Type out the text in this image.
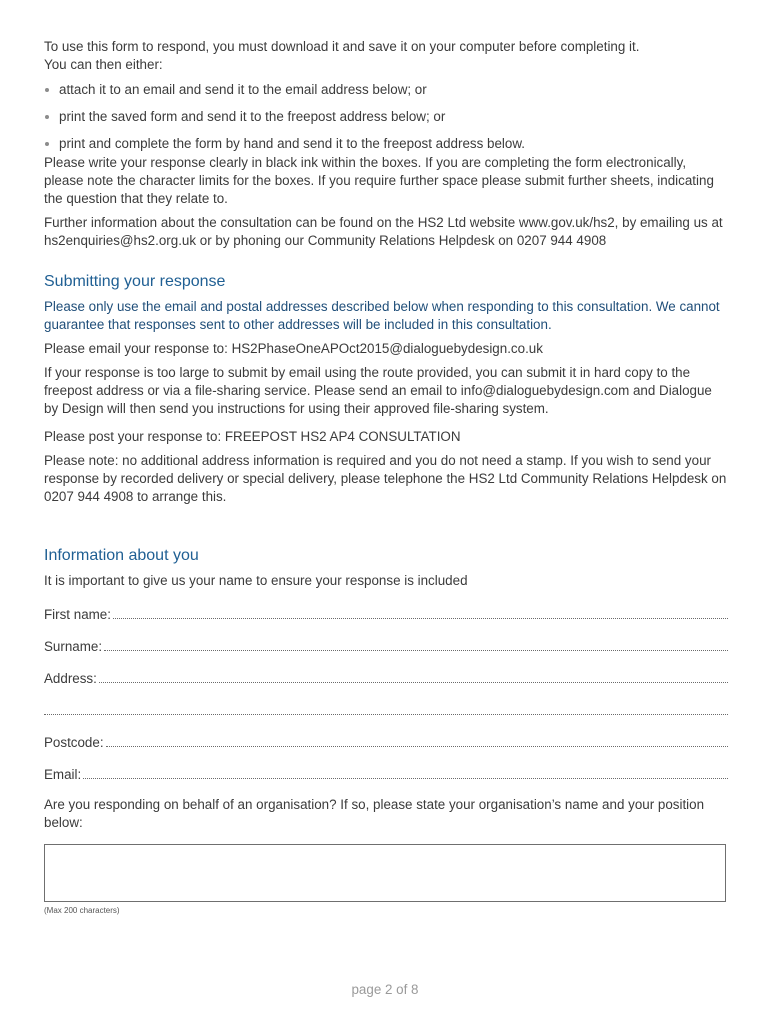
To use this form to respond, you must download it and save it on your computer before completing it.

You can then either:

attach it to an email and send it to the email address below; or
print the saved form and send it to the freepost address below; or
print and complete the form by hand and send it to the freepost address below.

Please write your response clearly in black ink within the boxes. If you are completing the form electronically, please note the character limits for the boxes. If you require further space please submit further sheets, indicating the question that they relate to.

Further information about the consultation can be found on the HS2 Ltd website www.gov.uk/hs2, by emailing us at hs2enquiries@hs2.org.uk or by phoning our Community Relations Helpdesk on 0207 944 4908

Submitting your response

Please only use the email and postal addresses described below when responding to this consultation. We cannot guarantee that responses sent to other addresses will be included in this consultation.

Please email your response to: HS2PhaseOneAPOct2015@dialoguebydesign.co.uk

If your response is too large to submit by email using the route provided, you can submit it in hard copy to the freepost address or via a file-sharing service. Please send an email to info@dialoguebydesign.com and Dialogue by Design will then send you instructions for using their approved file-sharing system.

Please post your response to: FREEPOST HS2 AP4 CONSULTATION

Please note: no additional address information is required and you do not need a stamp. If you wish to send your response by recorded delivery or special delivery, please telephone the HS2 Ltd Community Relations Helpdesk on 0207 944 4908 to arrange this.

Information about you

It is important to give us your name to ensure your response is included

First name:
Surname:
Address:
Postcode:
Email:

Are you responding on behalf of an organisation? If so, please state your organisation’s name and your position below:

(Max 200 characters)
page 2 of 8
